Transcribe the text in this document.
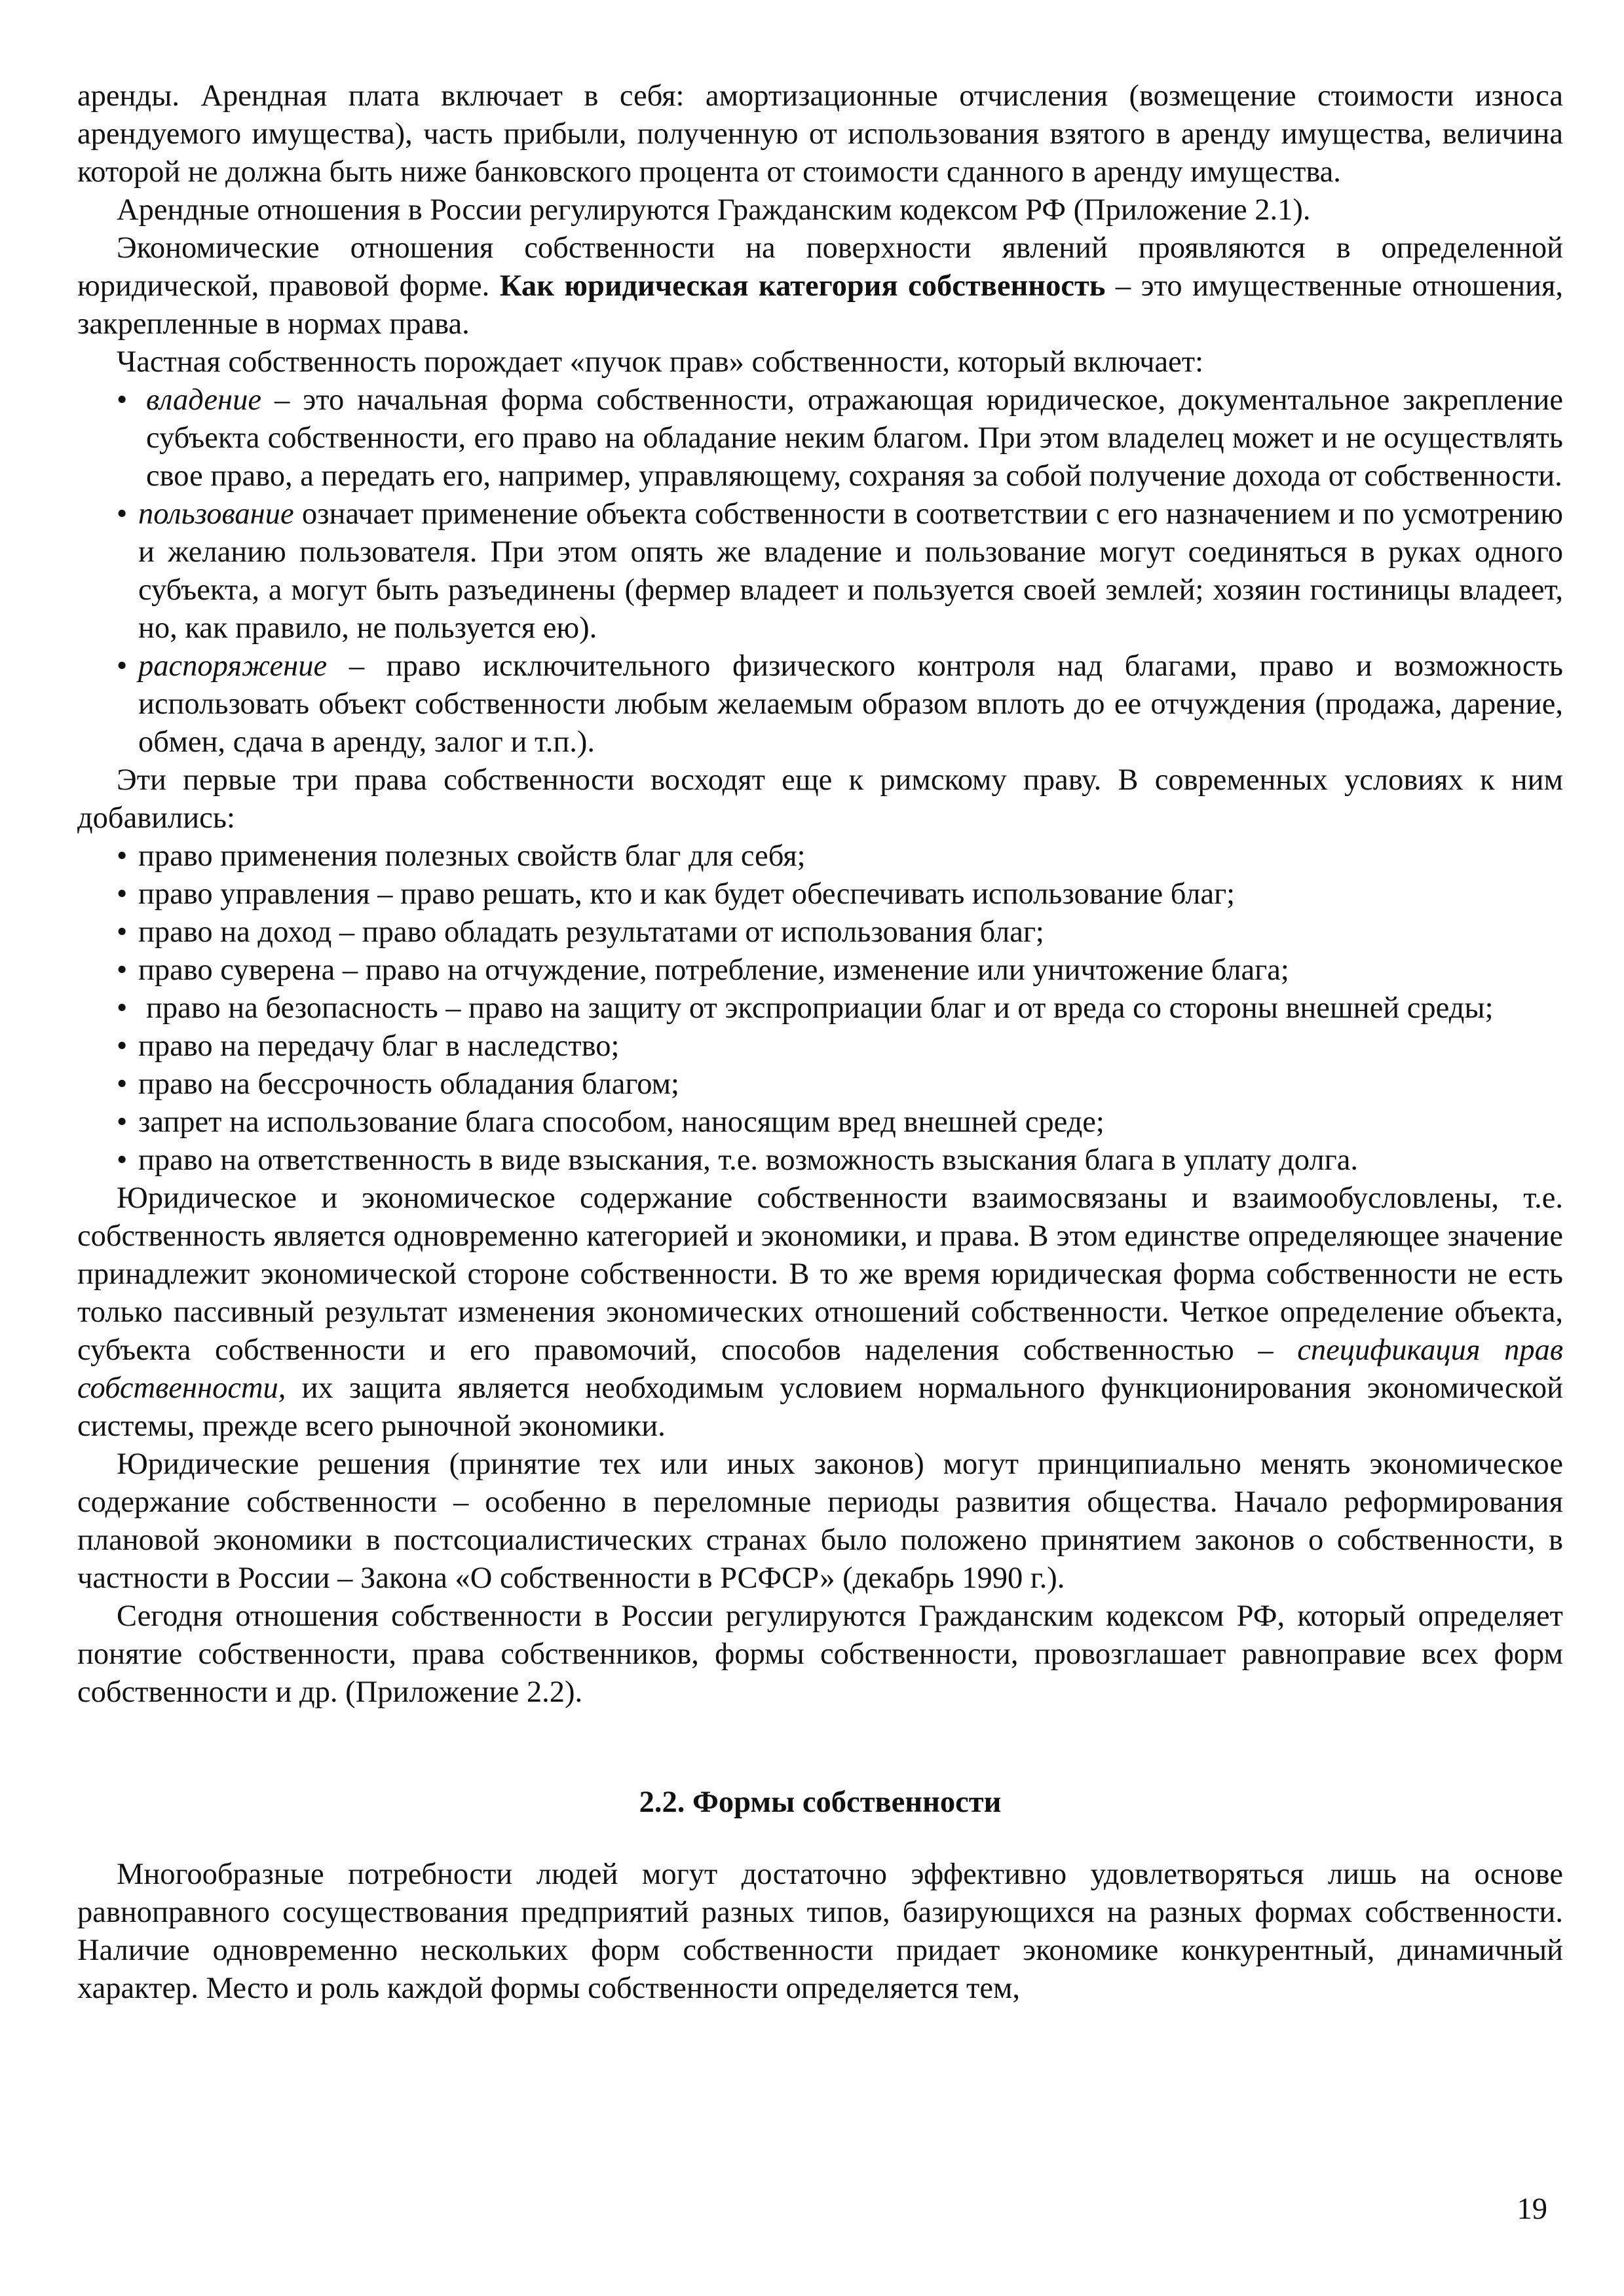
аренды. Арендная плата включает в себя: амортизационные отчисления (возмещение стоимости износа арендуемого имущества), часть прибыли, полученную от использования взятого в аренду имущества, величина которой не должна быть ниже банковского процента от стоимости сданного в аренду имущества.

Арендные отношения в России регулируются Гражданским кодексом РФ (Приложение 2.1).

Экономические отношения собственности на поверхности явлений проявляются в определенной юридической, правовой форме. Как юридическая категория собственность – это имущественные отношения, закрепленные в нормах права.

Частная собственность порождает «пучок прав» собственности, который включает:

• владение – это начальная форма собственности, отражающая юридическое, документальное закрепление субъекта собственности, его право на обладание неким благом. При этом владелец может и не осуществлять свое право, а передать его, например, управляющему, сохраняя за собой получение дохода от собственности.

• пользование означает применение объекта собственности в соответствии с его назначением и по усмотрению и желанию пользователя. При этом опять же владение и пользование могут соединяться в руках одного субъекта, а могут быть разъединены (фермер владеет и пользуется своей землей; хозяин гостиницы владеет, но, как правило, не пользуется ею).

• распоряжение – право исключительного физического контроля над благами, право и возможность использовать объект собственности любым желаемым образом вплоть до ее отчуждения (продажа, дарение, обмен, сдача в аренду, залог и т.п.).

Эти первые три права собственности восходят еще к римскому праву. В современных условиях к ним добавились:

• право применения полезных свойств благ для себя;

• право управления – право решать, кто и как будет обеспечивать использование благ;

• право на доход – право обладать результатами от использования благ;

• право суверена – право на отчуждение, потребление, изменение или уничтожение блага;

• право на безопасность – право на защиту от экспроприации благ и от вреда со стороны внешней среды;

• право на передачу благ в наследство;

• право на бессрочность обладания благом;

• запрет на использование блага способом, наносящим вред внешней среде;

• право на ответственность в виде взыскания, т.е. возможность взыскания блага в уплату долга.

Юридическое и экономическое содержание собственности взаимосвязаны и взаимообусловлены, т.е. собственность является одновременно категорией и экономики, и права. В этом единстве определяющее значение принадлежит экономической стороне собственности. В то же время юридическая форма собственности не есть только пассивный результат изменения экономических отношений собственности. Четкое определение объекта, субъекта собственности и его правомочий, способов наделения собственностью – спецификация прав собственности, их защита является необходимым условием нормального функционирования экономической системы, прежде всего рыночной экономики.

Юридические решения (принятие тех или иных законов) могут принципиально менять экономическое содержание собственности – особенно в переломные периоды развития общества. Начало реформирования плановой экономики в постсоциалистических странах было положено принятием законов о собственности, в частности в России – Закона «О собственности в РСФСР» (декабрь 1990 г.).

Сегодня отношения собственности в России регулируются Гражданским кодексом РФ, который определяет понятие собственности, права собственников, формы собственности, провозглашает равноправие всех форм собственности и др. (Приложение 2.2).

2.2. Формы собственности

Многообразные потребности людей могут достаточно эффективно удовлетворяться лишь на основе равноправного сосуществования предприятий разных типов, базирующихся на разных формах собственности. Наличие одновременно нескольких форм собственности придает экономике конкурентный, динамичный характер. Место и роль каждой формы собственности определяется тем,

19
